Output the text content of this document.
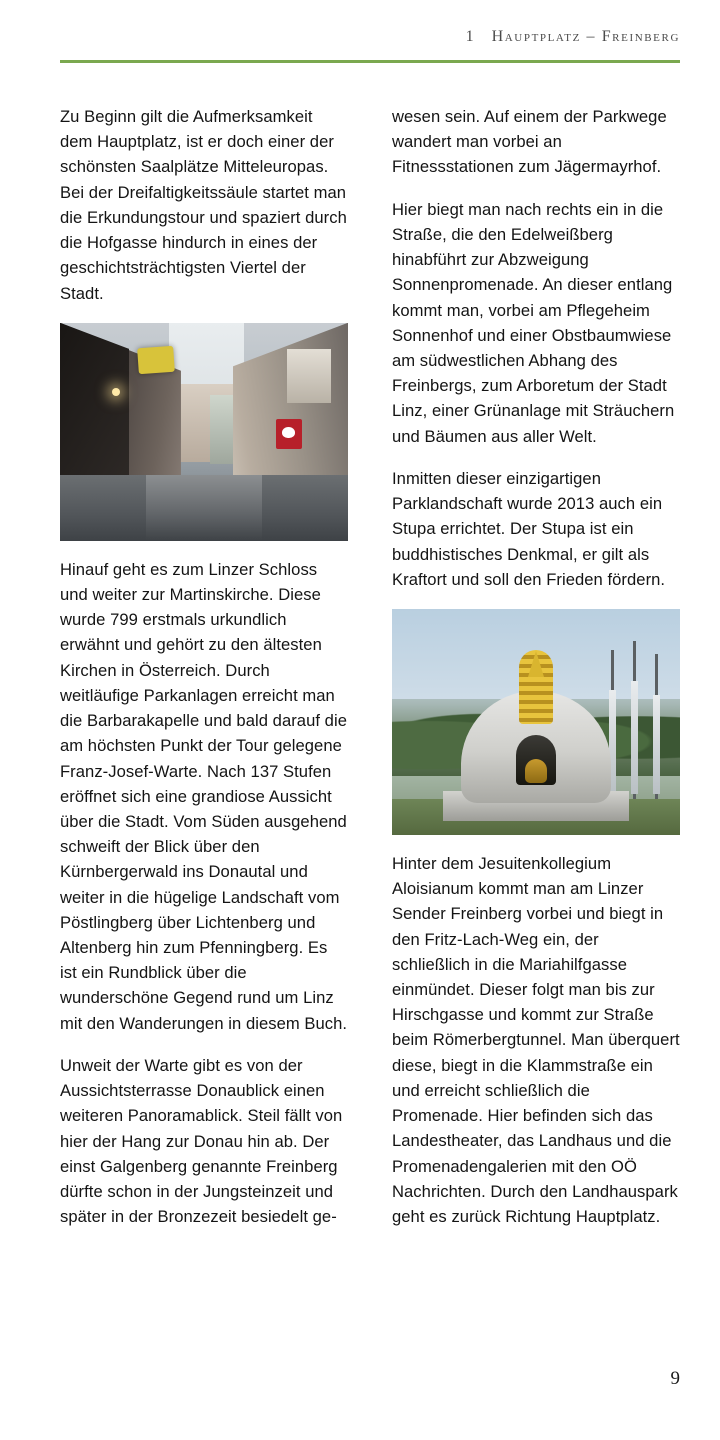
1 Hauptplatz – Freinberg

Zu Beginn gilt die Aufmerksamkeit dem Hauptplatz, ist er doch einer der schönsten Saalplätze Mitteleuropas. Bei der Dreifaltigkeitssäule startet man die Erkundungstour und spaziert durch die Hofgasse hindurch in eines der geschichtsträchtigsten Viertel der Stadt.

Hinauf geht es zum Linzer Schloss und weiter zur Martinskirche. Diese wurde 799 erstmals urkundlich erwähnt und gehört zu den ältesten Kirchen in Österreich. Durch weitläufige Parkanlagen erreicht man die Barbarakapelle und bald darauf die am höchsten Punkt der Tour gelegene Franz-Josef-Warte. Nach 137 Stufen eröffnet sich eine grandiose Aussicht über die Stadt. Vom Süden ausgehend schweift der Blick über den Kürnbergerwald ins Donautal und weiter in die hügelige Landschaft vom Pöstlingberg über Lichtenberg und Altenberg hin zum Pfenningberg. Es ist ein Rundblick über die wunderschöne Gegend rund um Linz mit den Wanderungen in diesem Buch.

Unweit der Warte gibt es von der Aussichtsterrasse Donaublick einen weiteren Panoramablick. Steil fällt von hier der Hang zur Donau hin ab. Der einst Galgenberg genannte Freinberg dürfte schon in der Jungsteinzeit und später in der Bronzezeit besiedelt ge-

wesen sein. Auf einem der Parkwege wandert man vorbei an Fitnessstationen zum Jägermayrhof.

Hier biegt man nach rechts ein in die Straße, die den Edelweißberg hinabführt zur Abzweigung Sonnenpromenade. An dieser entlang kommt man, vorbei am Pflegeheim Sonnenhof und einer Obstbaumwiese am südwestlichen Abhang des Freinbergs, zum Arboretum der Stadt Linz, einer Grünanlage mit Sträuchern und Bäumen aus aller Welt.

Inmitten dieser einzigartigen Parklandschaft wurde 2013 auch ein Stupa errichtet. Der Stupa ist ein buddhistisches Denkmal, er gilt als Kraftort und soll den Frieden fördern.

Hinter dem Jesuitenkollegium Aloisianum kommt man am Linzer Sender Freinberg vorbei und biegt in den Fritz-Lach-Weg ein, der schließlich in die Mariahilfgasse einmündet. Dieser folgt man bis zur Hirschgasse und kommt zur Straße beim Römerbergtunnel. Man überquert diese, biegt in die Klammstraße ein und erreicht schließlich die Promenade. Hier befinden sich das Landestheater, das Landhaus und die Promenadengalerien mit den OÖ Nachrichten. Durch den Landhauspark geht es zurück Richtung Hauptplatz.

9
